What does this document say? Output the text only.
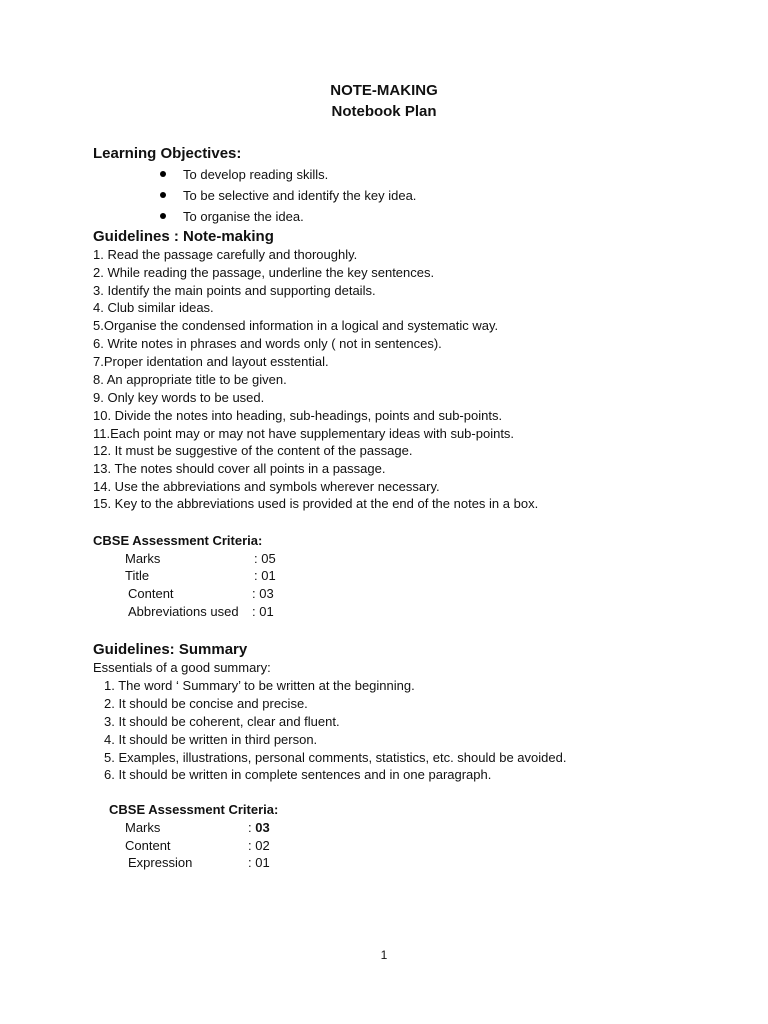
NOTE-MAKING
Notebook Plan
Learning Objectives:
To develop reading skills.
To be selective and identify the key idea.
To organise the idea.
Guidelines : Note-making
1. Read the passage carefully and thoroughly.
2. While reading the passage, underline the key sentences.
3. Identify the main points and supporting details.
4. Club similar ideas.
5.Organise the condensed information in a logical and systematic way.
6. Write notes in phrases and words only ( not in sentences).
7.Proper identation and layout esstential.
8. An appropriate title to be given.
9. Only key words to be used.
10. Divide the notes into heading, sub-headings, points and sub-points.
11.Each point may or may not have supplementary ideas with sub-points.
12. It must be suggestive of the content of the passage.
13. The notes should cover all points in a passage.
14. Use the abbreviations and symbols wherever necessary.
15. Key to the abbreviations used is provided at the end of the notes in a box.
CBSE Assessment Criteria:
Marks	: 05
Title	: 01
Content	: 03
Abbreviations used : 01
Guidelines: Summary
Essentials of a good summary:
1. The word ‘ Summary’ to be written at the beginning.
2. It should be concise and precise.
3. It should be coherent, clear and fluent.
4. It should be written in third person.
5. Examples, illustrations, personal comments, statistics, etc. should be avoided.
6. It should be written in complete sentences and in one paragraph.
CBSE Assessment Criteria:
Marks	: 03
Content	: 02
Expression	: 01
1
